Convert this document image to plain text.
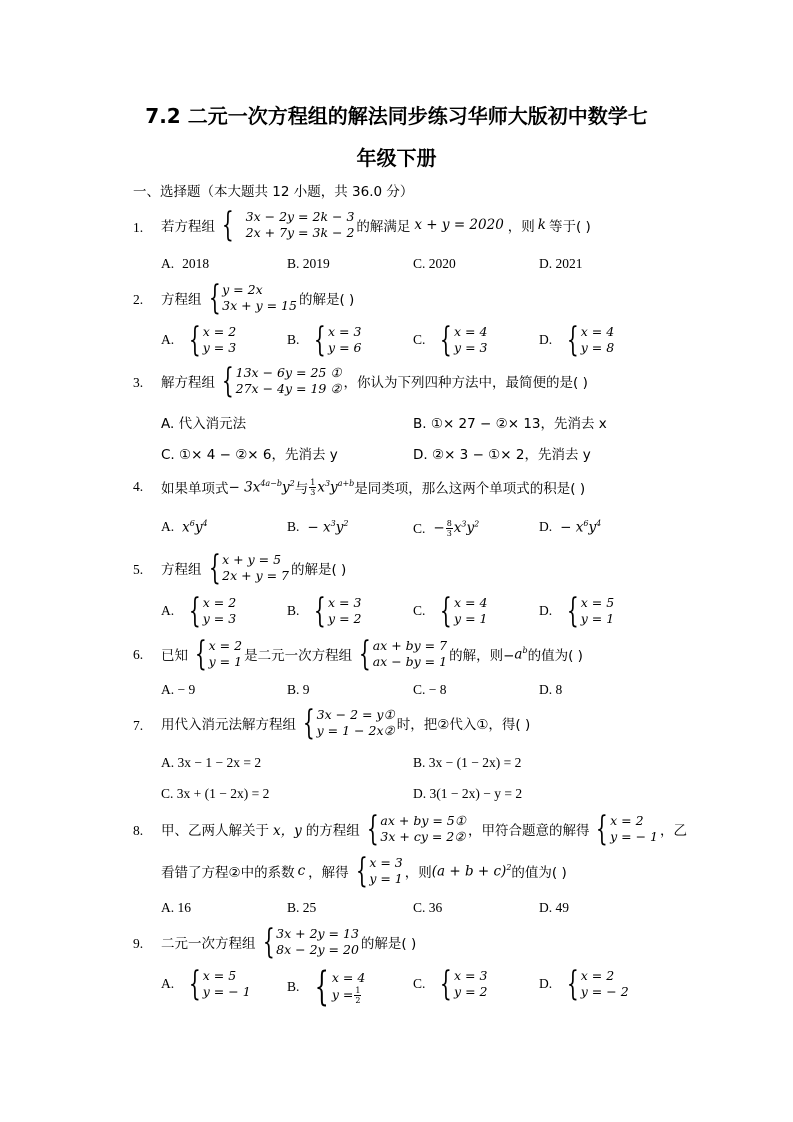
7.2 二元一次方程组的解法同步练习华师大版初中数学七
年级下册
一、选择题（本大题共 12 小题，共 36.0 分）
1. 若方程组 { 3x − 2y = 2k − 3
2x + 7y = 3k − 2 的解满足 x + y = 2020 ，则 k 等于( )
A. 2018	B. 2019	C. 2020	D. 2021
2. 方程组 { y = 2x
3x + y = 15 的解是( )
A. { x = 2
y = 3
B. { x = 3
y = 6
C. { x = 4
y = 3
D. { x = 4
y = 8
3. 解方程组 { 13x − 6y = 25 ①
27x − 4y = 19 ② ，你认为下列四种方法中，最简便的是( )
A. 代入消元法	B. ①× 27 − ②× 13，先消去 x
C. ①× 4 − ②× 6，先消去 y	D. ②× 3 − ①× 2，先消去 y
4. 如果单项式 − $3x^{4a-b}y^2$ 与 $\frac{1}{3} x^3y^{a+b}$ 是同类项，那么这两个单项式的积是( )
A. $x^6y^4$	B. − $x^3y^2$	C. − $\frac{8}{3} x^3y^2$	D. − $x^6y^4$
5. 方程组 { x + y = 5
2x + y = 7 的解是( )
A. { x = 2
y = 3
B. { x = 3
y = 2
C. { x = 4
y = 1
D. { x = 5
y = 1
6. 已知 { x = 2
y = 1 是二元一次方程组 { ax + by = 7
ax − by = 1 的解，则− $a^b$ 的值为( )
A. − 9	B. 9	C. − 8	D. 8
7. 用代入消元法解方程组 { 3x − 2 = y①
y = 1 − 2x② 时，把②代入①，得( )
A. 3x − 1 − 2x = 2	B. 3x − (1 − 2x) = 2
C. 3x + (1 − 2x) = 2	D. 3(1 − 2x) − y = 2
8. 甲、乙两人解关于 x，y 的方程组 { ax + by = 5①
3x + cy = 2② ，甲符合题意的解得 { x = 2
y = − 1 ，乙
看错了方程②中的系数 c ，解得 { x = 3
y = 1 ，则 $(a + b + c)^2$ 的值为( )
A. 16	B. 25	C. 36	D. 49
9. 二元一次方程组 { 3x + 2y = 13
8x − 2y = 20 的解是( )
A. { x = 5
y = − 1	B. { x = 4
$y = \frac{1}{2}$
C. { x = 3
y = 2
D. { x = 2
y = − 2
